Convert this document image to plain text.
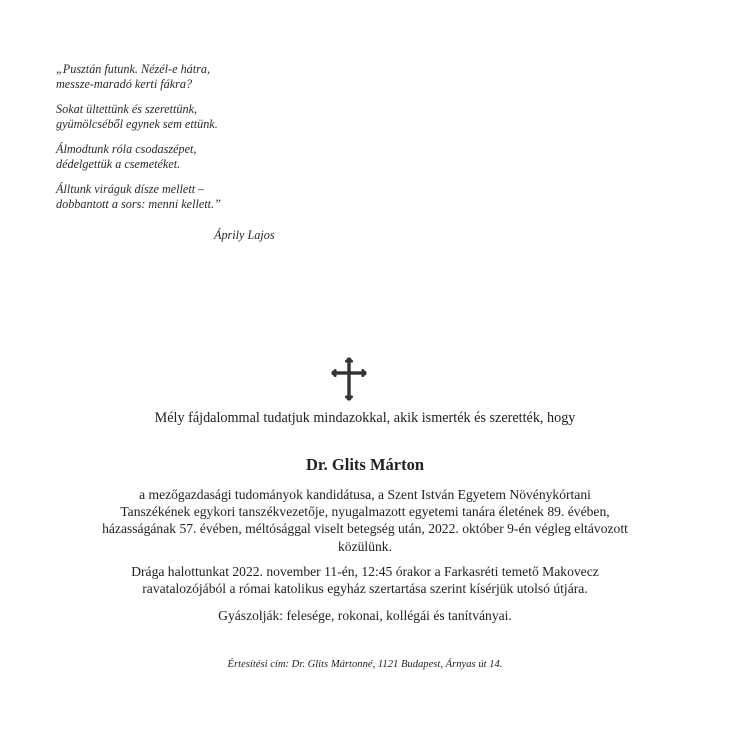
„Pusztán futunk. Nézél-e hátra,
messze-maradó kerti fákra?
Sokat ültettünk és szerettünk,
gyümölcséből egynek sem ettünk.
Álmodtunk róla csodaszépet,
dédelgettük a csemetéket.
Álltunk viráguk dísze mellett –
dobbantott a sors: menni kellett.”
Áprily Lajos
Mély fájdalommal tudatjuk mindazokkal, akik ismerték és szerették, hogy
Dr. Glits Márton
a mezőgazdasági tudományok kandidátusa, a Szent István Egyetem Növénykórtani
Tanszékének egykori tanszékvezetője, nyugalmazott egyetemi tanára életének 89. évében,
házasságának 57. évében, méltósággal viselt betegség után, 2022. október 9-én végleg eltávozott
közülünk.
Drága halottunkat 2022. november 11-én, 12:45 órakor a Farkasréti temető Makovecz
ravatalozójából a római katolikus egyház szertartása szerint kísérjük utolsó útjára.
Gyászolják: felesége, rokonai, kollégái és tanítványai.
Értesítési cím: Dr. Glits Mártonné, 1121 Budapest, Árnyas út 14.
